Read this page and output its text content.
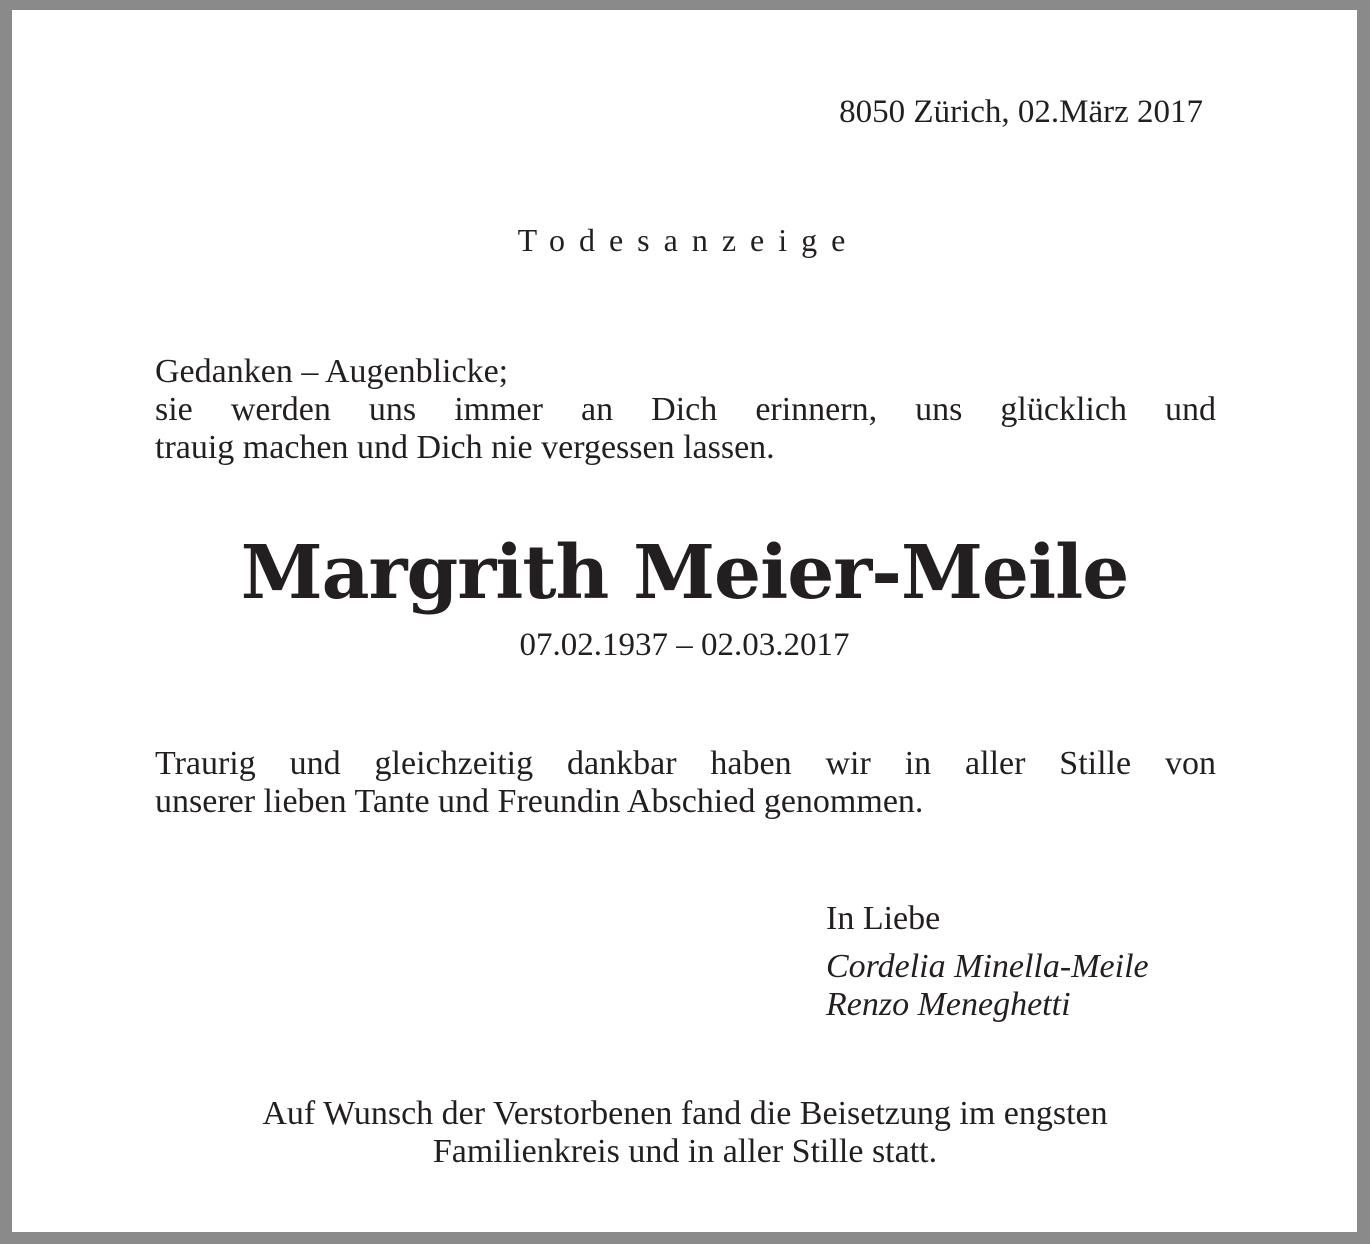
8050 Zürich, 02.März 2017

Todesanzeige

Gedanken – Augenblicke;
sie werden uns immer an Dich erinnern, uns glücklich und
trauig machen und Dich nie vergessen lassen.

Margrith Meier-Meile

07.02.1937 – 02.03.2017

Traurig und gleichzeitig dankbar haben wir in aller Stille von
unserer lieben Tante und Freundin Abschied genommen.

In Liebe

Cordelia Minella-Meile
Renzo Meneghetti
Auf Wunsch der Verstorbenen fand die Beisetzung im engsten
Familienkreis und in aller Stille statt.
